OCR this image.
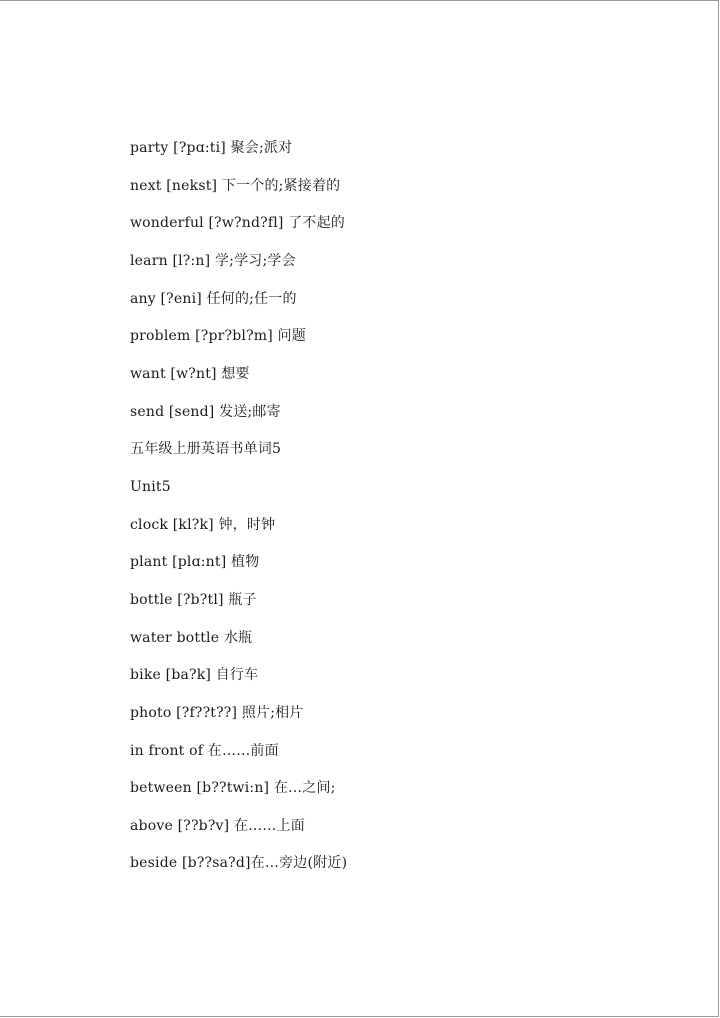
party [?pɑ:ti] 聚会;派对
next [nekst] 下一个的;紧接着的
wonderful [?w?nd?fl] 了不起的
learn [l?:n] 学;学习;学会
any [?eni] 任何的;任一的
problem [?pr?bl?m] 问题
want [w?nt] 想要
send [send] 发送;邮寄
五年级上册英语书单词5
Unit5
clock [kl?k] 钟，时钟
plant [plɑ:nt] 植物
bottle [?b?tl] 瓶子
water bottle 水瓶
bike [ba?k] 自行车
photo [?f??t??] 照片;相片
in front of 在……前面
between [b??twi:n] 在…之间;
above [??b?v] 在……上面
beside [b??sa?d]在…旁边(附近)
